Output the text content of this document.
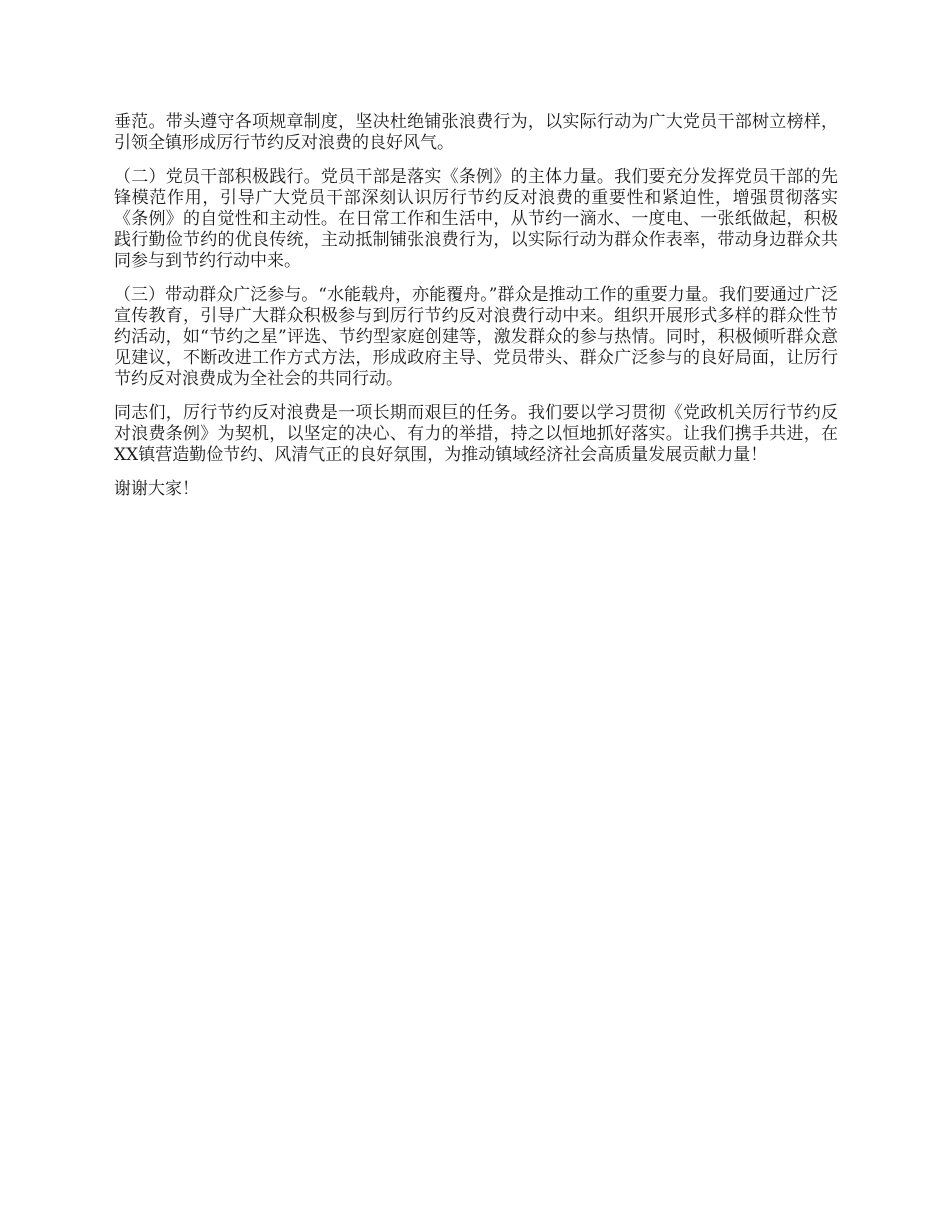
垂范。带头遵守各项规章制度，坚决杜绝铺张浪费行为，以实际行动为广大党员干部树立榜样，引领全镇形成厉行节约反对浪费的良好风气。

（二）党员干部积极践行。党员干部是落实《条例》的主体力量。我们要充分发挥党员干部的先锋模范作用，引导广大党员干部深刻认识厉行节约反对浪费的重要性和紧迫性，增强贯彻落实《条例》的自觉性和主动性。在日常工作和生活中，从节约一滴水、一度电、一张纸做起，积极践行勤俭节约的优良传统，主动抵制铺张浪费行为，以实际行动为群众作表率，带动身边群众共同参与到节约行动中来。

（三）带动群众广泛参与。“水能载舟，亦能覆舟。”群众是推动工作的重要力量。我们要通过广泛宣传教育，引导广大群众积极参与到厉行节约反对浪费行动中来。组织开展形式多样的群众性节约活动，如“节约之星”评选、节约型家庭创建等，激发群众的参与热情。同时，积极倾听群众意见建议，不断改进工作方式方法，形成政府主导、党员带头、群众广泛参与的良好局面，让厉行节约反对浪费成为全社会的共同行动。

同志们，厉行节约反对浪费是一项长期而艰巨的任务。我们要以学习贯彻《党政机关厉行节约反对浪费条例》为契机，以坚定的决心、有力的举措，持之以恒地抓好落实。让我们携手共进，在XX镇营造勤俭节约、风清气正的良好氛围，为推动镇域经济社会高质量发展贡献力量！

谢谢大家！
